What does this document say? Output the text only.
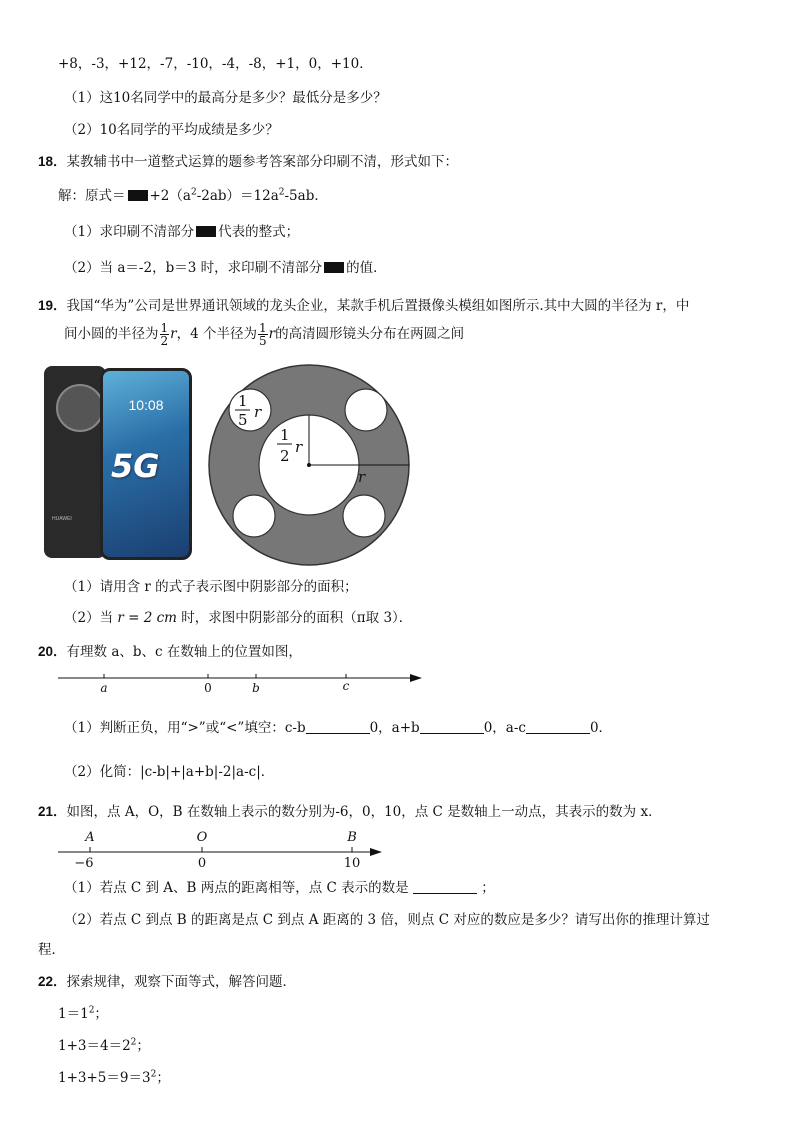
+8，-3，+12，-7，-10，-4，-8，+1，0，+10．
（1）这10名同学中的最高分是多少？最低分是多少？
（2）10名同学的平均成绩是多少？
18．某教辅书中一道整式运算的题参考答案部分印刷不清，形式如下：
解：原式＝ $+2(a^2-2ab)=12a^2-5ab$．
（1）求印刷不清部分 代表的整式；
（2）当 a＝-2，b＝3 时，求印刷不清部分 的值．
19．我国“华为”公司是世界通讯领域的龙头企业，某款手机后置摄像头模组如图所示.其中大圆的半径为 r，中
间小圆的半径为 $\frac{1}{2}$ r，4 个半径为 $\frac{1}{5}$ r的高清圆形镜头分布在两圆之间
HUAWEI
10:08
5G
1
5 r
1
2 r
r
（1）请用含 r 的式子表示图中阴影部分的面积；
（2）当 r = 2 cm 时，求图中阴影部分的面积（π取 3）．
20．有理数 a、b、c 在数轴上的位置如图，
a	0	b	c
（1）判断正负，用“>”或“<”填空：c-b	0，a+b	0，a-c	0．
（2）化简：|c-b|+|a+b|-2|a-c|．
21．如图，点 A，O，B 在数轴上表示的数分别为-6，0，10，点 C 是数轴上一动点，其表示的数为 x．
A
−6
O
0
B
10
（1）若点 C 到 A、B 两点的距离相等，点 C 表示的数是	；
（2）若点 C 到点 B 的距离是点 C 到点 A 距离的 3 倍，则点 C 对应的数应是多少？请写出你的推理计算过
程．
22．探索规律，观察下面等式，解答问题．
$1=1^2$；
$1+3=4=2^2$；
$1+3+5=9=3^2$；
